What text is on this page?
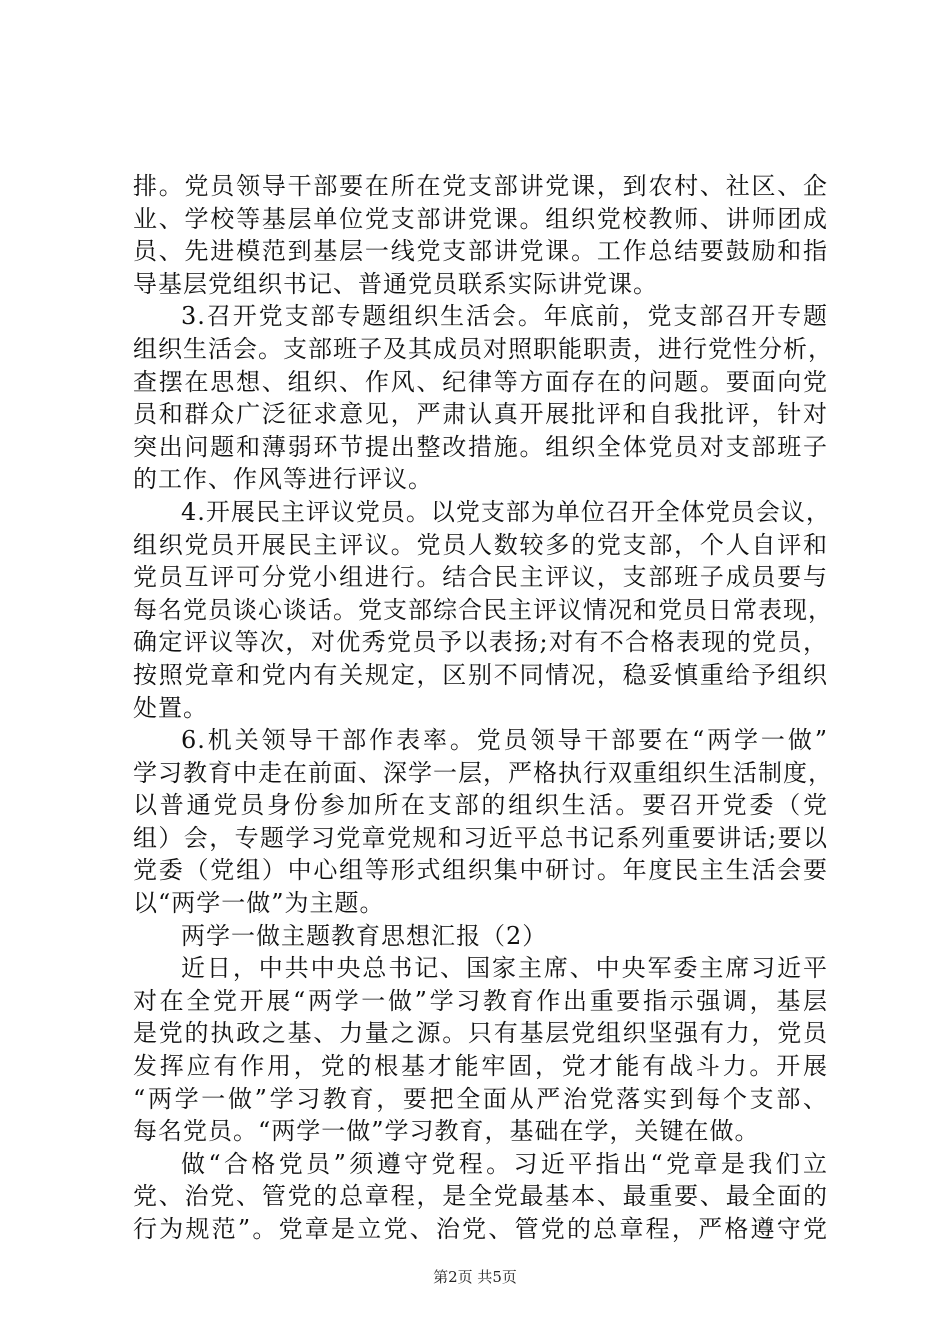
排。党员领导干部要在所在党支部讲党课，到农村、社区、企
业、学校等基层单位党支部讲党课。组织党校教师、讲师团成
员、先进模范到基层一线党支部讲党课。工作总结要鼓励和指
导基层党组织书记、普通党员联系实际讲党课。
3.召开党支部专题组织生活会。年底前，党支部召开专题
组织生活会。支部班子及其成员对照职能职责，进行党性分析，
查摆在思想、组织、作风、纪律等方面存在的问题。要面向党
员和群众广泛征求意见，严肃认真开展批评和自我批评，针对
突出问题和薄弱环节提出整改措施。组织全体党员对支部班子
的工作、作风等进行评议。
4.开展民主评议党员。以党支部为单位召开全体党员会议，
组织党员开展民主评议。党员人数较多的党支部，个人自评和
党员互评可分党小组进行。结合民主评议，支部班子成员要与
每名党员谈心谈话。党支部综合民主评议情况和党员日常表现，
确定评议等次，对优秀党员予以表扬;对有不合格表现的党员，
按照党章和党内有关规定，区别不同情况，稳妥慎重给予组织
处置。
6.机关领导干部作表率。党员领导干部要在“两学一做”
学习教育中走在前面、深学一层，严格执行双重组织生活制度，
以普通党员身份参加所在支部的组织生活。要召开党委（党
组）会，专题学习党章党规和习近平总书记系列重要讲话;要以
党委（党组）中心组等形式组织集中研讨。年度民主生活会要
以“两学一做”为主题。
两学一做主题教育思想汇报（2）
近日，中共中央总书记、国家主席、中央军委主席习近平
对在全党开展“两学一做”学习教育作出重要指示强调，基层
是党的执政之基、力量之源。只有基层党组织坚强有力，党员
发挥应有作用，党的根基才能牢固，党才能有战斗力。开展
“两学一做”学习教育，要把全面从严治党落实到每个支部、
每名党员。“两学一做”学习教育，基础在学，关键在做。
做“合格党员”须遵守党程。习近平指出“党章是我们立
党、治党、管党的总章程，是全党最基本、最重要、最全面的
行为规范”。党章是立党、治党、管党的总章程，严格遵守党
第2页 共5页
